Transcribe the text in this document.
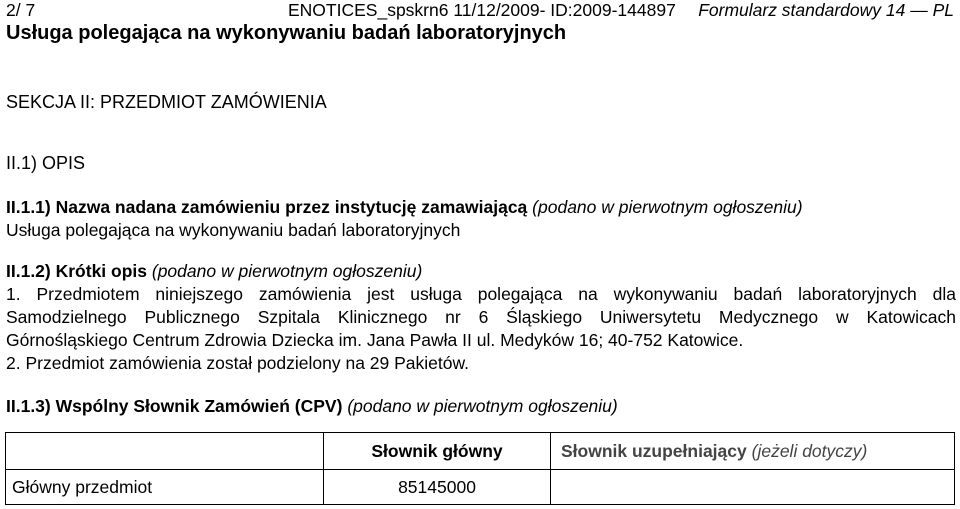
2/ 7	ENOTICES_spskrn6 11/12/2009- ID:2009-144897 Formularz standardowy 14 — PL
Usługa polegająca na wykonywaniu badań laboratoryjnych
SEKCJA II: PRZEDMIOT ZAMÓWIENIA
II.1) OPIS
II.1.1) Nazwa nadana zamówieniu przez instytucję zamawiającą (podano w pierwotnym ogłoszeniu)
Usługa polegająca na wykonywaniu badań laboratoryjnych
II.1.2) Krótki opis (podano w pierwotnym ogłoszeniu)
1. Przedmiotem niniejszego zamówienia jest usługa polegająca na wykonywaniu badań laboratoryjnych dla
Samodzielnego Publicznego Szpitala Klinicznego nr 6 Śląskiego Uniwersytetu Medycznego w Katowicach
Górnośląskiego Centrum Zdrowia Dziecka im. Jana Pawła II ul. Medyków 16; 40-752 Katowice.
2. Przedmiot zamówienia został podzielony na 29 Pakietów.
II.1.3) Wspólny Słownik Zamówień (CPV) (podano w pierwotnym ogłoszeniu)
	Słownik główny	Słownik uzupełniający (jeżeli dotyczy)
Główny przedmiot	85145000	
